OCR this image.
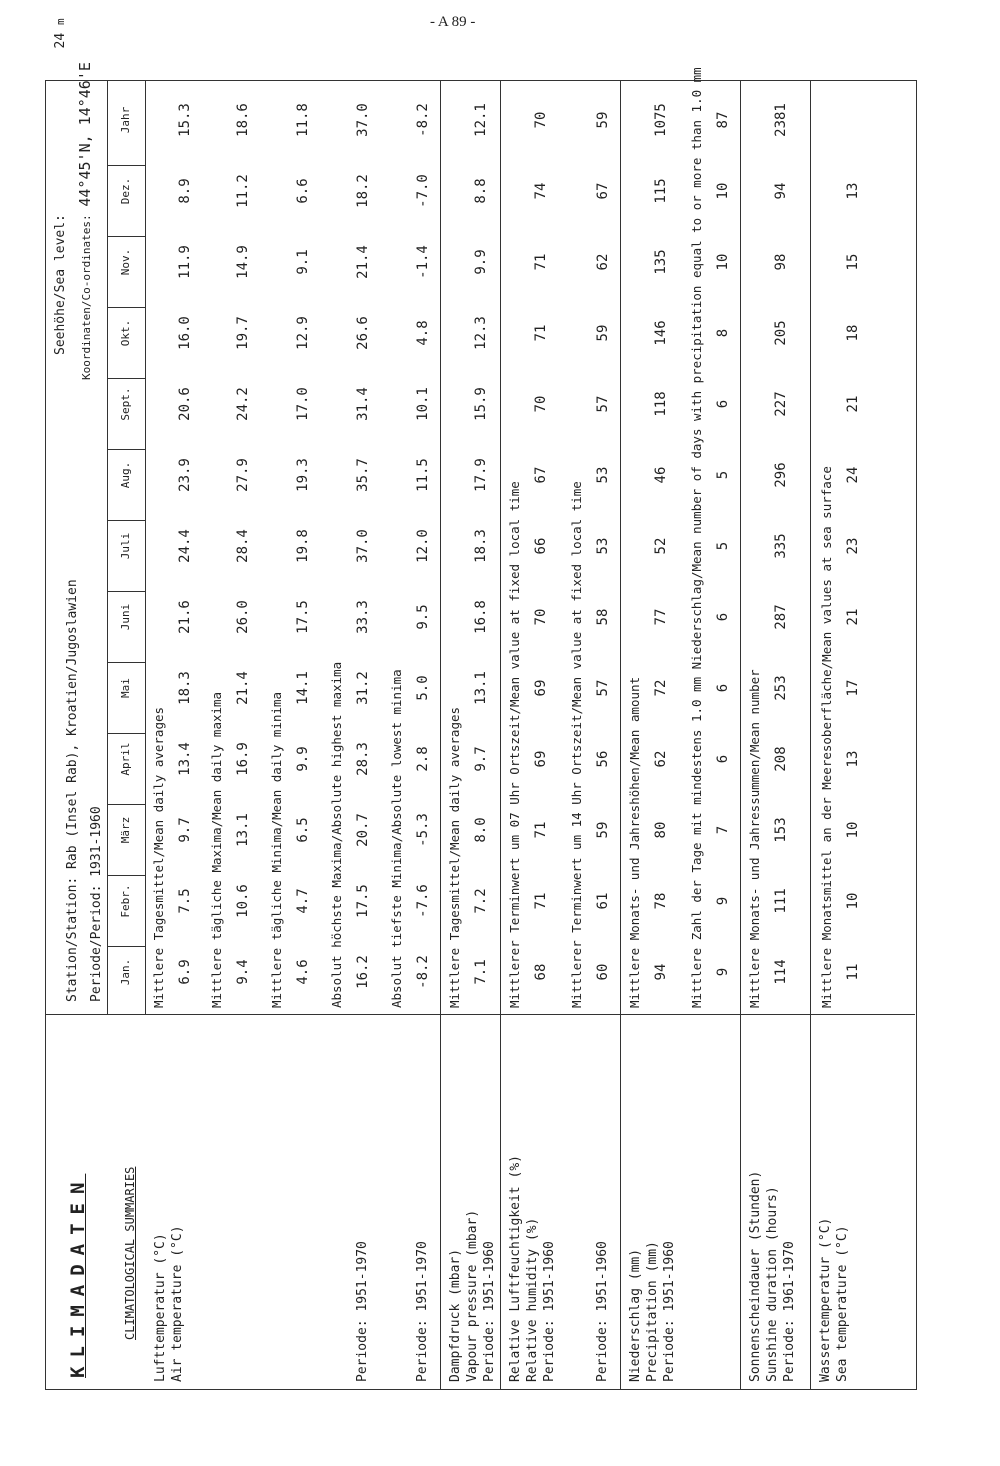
- A 89 -
KLIMADATEN	CLIMATOLOGICAL SUMMARIES
Station/Station: Rab (Insel Rab), Kroatien/Jugoslawien
Periode/Period: 1931-1960
Seehöhe/Sea level:  24 m
Koordinaten/Co-ordinates: 44°45'N, 14°46'E
Jan.
Febr.
März
April
Mai
Juni
Juli
Aug.
Sept.
Okt.
Nov.
Dez.
Jahr
Lufttemperatur (°C) Air temperature (°C)
Mittlere Tagesmittel/Mean daily averages 6.9
7.5
9.7
13.4
18.3
21.6
24.4
23.9
20.6
16.0
11.9
8.9
15.3
Mittlere tägliche Maxima/Mean daily maxima 9.4
10.6
13.1
16.9
21.4
26.0
28.4
27.9
24.2
19.7
14.9
11.2
18.6
Mittlere tägliche Minima/Mean daily minima 4.6
4.7
6.5
9.9
14.1
17.5
19.8
19.3
17.0
12.9
9.1
6.6
11.8
Absolut höchste Maxima/Absolute highest maxima
Periode: 1951-1970
16.2
17.5
20.7
28.3
31.2
33.3
37.0
35.7
31.4
26.6
21.4
18.2
37.0
Absolut tiefste Minima/Absolute lowest minima
Periode: 1951-1970
-8.2
-7.6
-5.3
2.8
5.0
9.5
12.0
11.5
10.1
4.8
-1.4
-7.0
-8.2
Dampfdruck (mbar) Vapour pressure (mbar) Periode: 1951-1960
Mittlere Tagesmittel/Mean daily averages 7.1
7.2
8.0
9.7
13.1
16.8
18.3
17.9
15.9
12.3
9.9
8.8
12.1
Relative Luftfeuchtigkeit (%) Relative humidity (%) Periode: 1951-1960
Mittlerer Terminwert um 07 Uhr Ortszeit/Mean value at fixed local time 68
71
71
69
69
70
66
67
70
71
71
74
70
Mittlerer Terminwert um 14 Uhr Ortszeit/Mean value at fixed local time
Periode: 1951-1960
60
61
59
56
57
58
53
53
57
59
62
67
59
Niederschlag (mm) Precipitation (mm) Periode: 1951-1960
Mittlere Monats- und Jahreshöhen/Mean amount 94
78
80
62
72
77
52
46
118
146
135
115
1075 Mittlere Zahl der Tage mit mindestens 1.0 mm Niederschlag/Mean number of days with precipitation equal to or more than 1.0 mm 9
9
7
6
6
6
5
5
6
8
10
10
87
Sonnenscheindauer (Stunden) Sunshine duration (hours) Periode: 1961-1970
Mittlere Monats- und Jahressummen/Mean number 114
111
153
208
253
287
335
296
227
205
98
94
2381
Wassertemperatur (°C) Sea temperature (°C)
Mittlere Monatsmittel an der Meeresoberfläche/Mean values at sea surface 11
10
10
13
17
21
23
24
21
18
15
13
